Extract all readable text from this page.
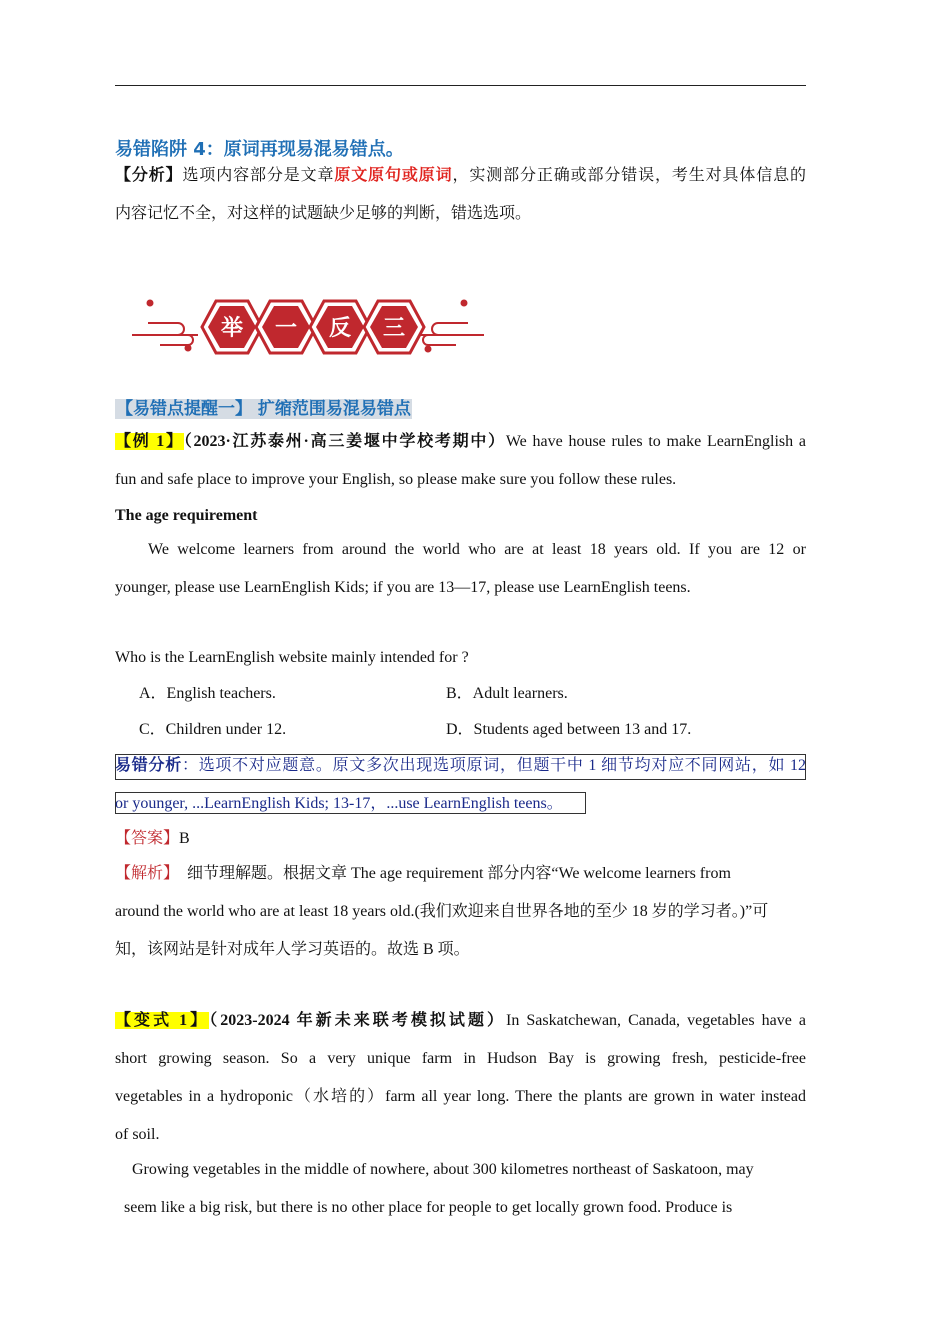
易错陷阱 4：原词再现易混易错点。
【分析】选项内容部分是文章原文原句或原词，实测部分正确或部分错误，考生对具体信息的
内容记忆不全，对这样的试题缺少足够的判断，错选选项。
举 一 反 三
【易错点提醒一】 扩缩范围易混易错点
【例 1】（2023·江苏泰州·高三姜堰中学校考期中）We have house rules to make LearnEnglish a
fun and safe place to improve your English, so please make sure you follow these rules.
The age requirement
We welcome learners from around the world who are at least 18 years old. If you are 12 or
younger, please use LearnEnglish Kids; if you are 13—17, please use LearnEnglish teens.
Who is the LearnEnglish website mainly intended for ?
A．English teachers.	B．Adult learners.
C．Children under 12.	D．Students aged between 13 and 17.
易错分析：选项不对应题意。原文多次出现选项原词，但题干中 1 细节均对应不同网站，如 12
or younger, ...LearnEnglish Kids; 13-17，...use LearnEnglish teens。
【答案】B
【解析】 细节理解题。根据文章 The age requirement 部分内容“We welcome learners from
around the world who are at least 18 years old.(我们欢迎来自世界各地的至少 18 岁的学习者。)”可
知，该网站是针对成年人学习英语的。故选 B 项。
【变式 1】（2023-2024 年新未来联考模拟试题）In Saskatchewan, Canada, vegetables have a
short growing season. So a very unique farm in Hudson Bay is growing fresh, pesticide-free
vegetables in a hydroponic（水培的）farm all year long. There the plants are grown in water instead
of soil.
Growing vegetables in the middle of nowhere, about 300 kilometres northeast of Saskatoon, may
seem like a big risk, but there is no other place for people to get locally grown food. Produce is
